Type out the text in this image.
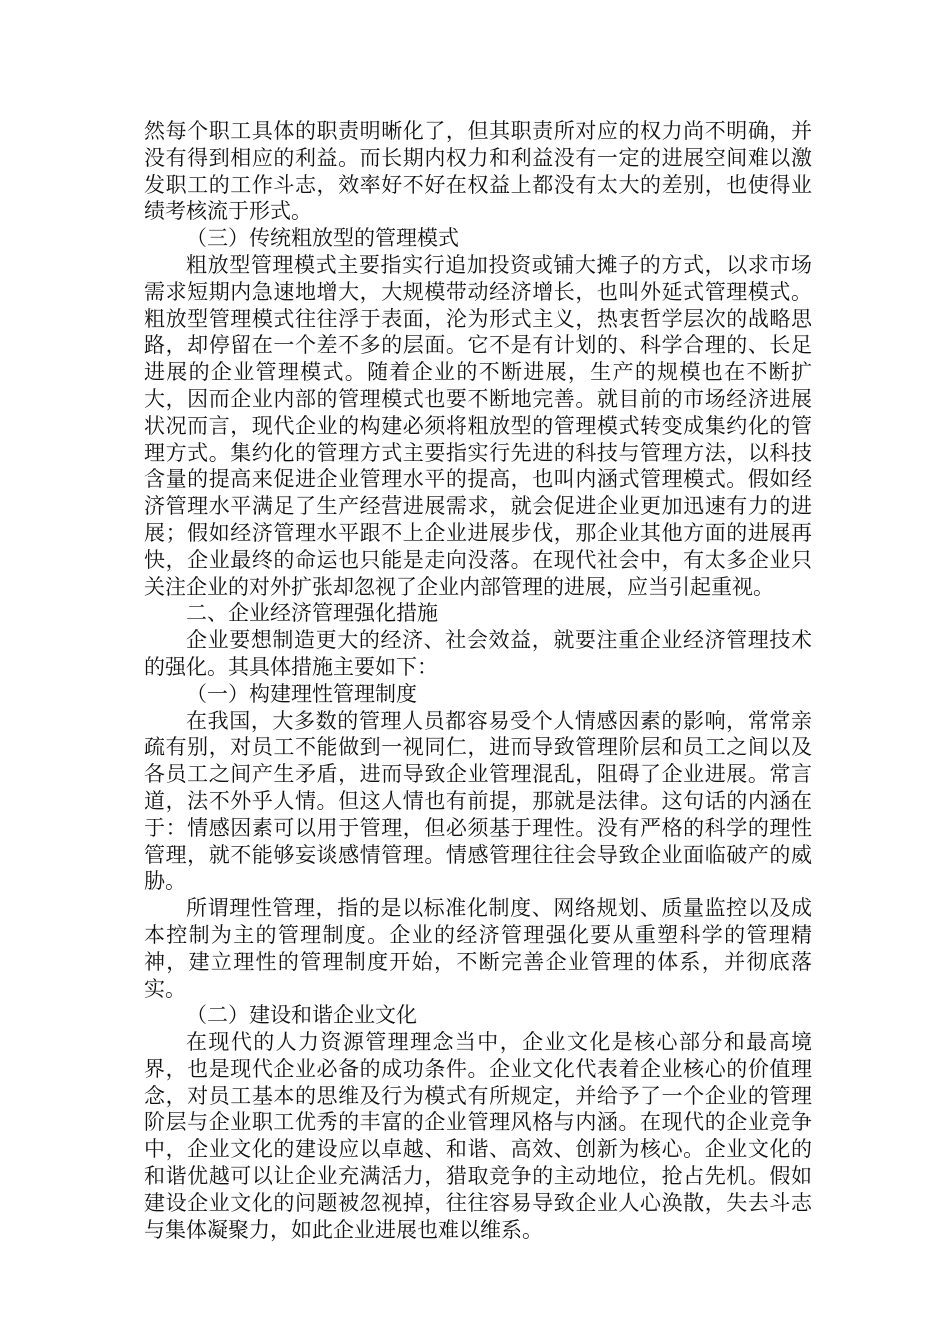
然每个职工具体的职责明晰化了，但其职责所对应的权力尚不明确，并没有得到相应的利益。而长期内权力和利益没有一定的进展空间难以激发职工的工作斗志，效率好不好在权益上都没有太大的差别，也使得业绩考核流于形式。

（三）传统粗放型的管理模式

粗放型管理模式主要指实行追加投资或铺大摊子的方式，以求市场需求短期内急速地增大，大规模带动经济增长，也叫外延式管理模式。粗放型管理模式往往浮于表面，沦为形式主义，热衷哲学层次的战略思路，却停留在一个差不多的层面。它不是有计划的、科学合理的、长足进展的企业管理模式。随着企业的不断进展，生产的规模也在不断扩大，因而企业内部的管理模式也要不断地完善。就目前的市场经济进展状况而言，现代企业的构建必须将粗放型的管理模式转变成集约化的管理方式。集约化的管理方式主要指实行先进的科技与管理方法，以科技含量的提高来促进企业管理水平的提高，也叫内涵式管理模式。假如经济管理水平满足了生产经营进展需求，就会促进企业更加迅速有力的进展；假如经济管理水平跟不上企业进展步伐，那企业其他方面的进展再快，企业最终的命运也只能是走向没落。在现代社会中，有太多企业只关注企业的对外扩张却忽视了企业内部管理的进展，应当引起重视。

二、企业经济管理强化措施

企业要想制造更大的经济、社会效益，就要注重企业经济管理技术的强化。其具体措施主要如下：

（一）构建理性管理制度

在我国，大多数的管理人员都容易受个人情感因素的影响，常常亲疏有别，对员工不能做到一视同仁，进而导致管理阶层和员工之间以及各员工之间产生矛盾，进而导致企业管理混乱，阻碍了企业进展。常言道，法不外乎人情。但这人情也有前提，那就是法律。这句话的内涵在于：情感因素可以用于管理，但必须基于理性。没有严格的科学的理性管理，就不能够妄谈感情管理。情感管理往往会导致企业面临破产的威胁。

所谓理性管理，指的是以标准化制度、网络规划、质量监控以及成本控制为主的管理制度。企业的经济管理强化要从重塑科学的管理精神，建立理性的管理制度开始，不断完善企业管理的体系，并彻底落实。

（二）建设和谐企业文化

在现代的人力资源管理理念当中，企业文化是核心部分和最高境界，也是现代企业必备的成功条件。企业文化代表着企业核心的价值理念，对员工基本的思维及行为模式有所规定，并给予了一个企业的管理阶层与企业职工优秀的丰富的企业管理风格与内涵。在现代的企业竞争中，企业文化的建设应以卓越、和谐、高效、创新为核心。企业文化的和谐优越可以让企业充满活力，猎取竞争的主动地位，抢占先机。假如建设企业文化的问题被忽视掉，往往容易导致企业人心涣散，失去斗志与集体凝聚力，如此企业进展也难以维系。
